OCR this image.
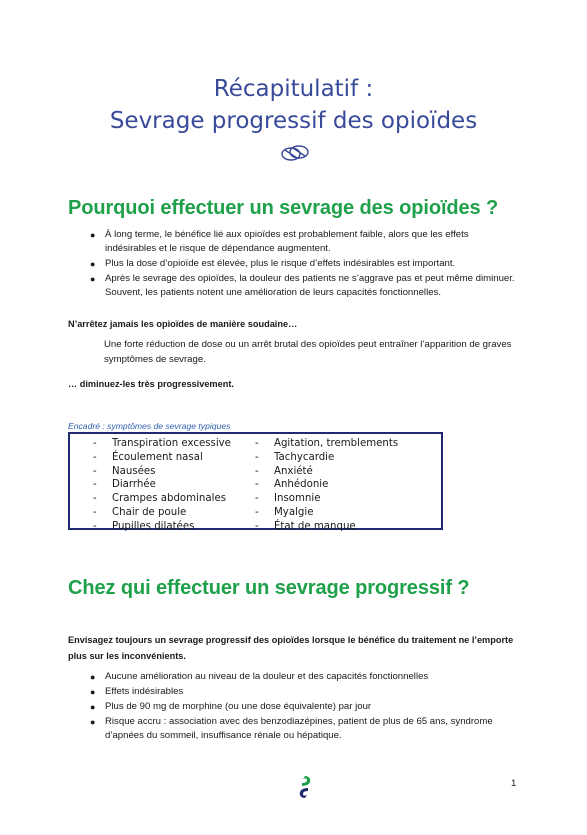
Récapitulatif :
Sevrage progressif des opioïdes
Pourquoi effectuer un sevrage des opioïdes ?
● À long terme, le bénéfice lié aux opioïdes est probablement faible, alors que les effets indésirables et le risque de dépendance augmentent.
● Plus la dose d’opioïde est élevée, plus le risque d’effets indésirables est important.
● Après le sevrage des opioïdes, la douleur des patients ne s’aggrave pas et peut même diminuer. Souvent, les patients notent une amélioration de leurs capacités fonctionnelles.

N’arrêtez jamais les opioïdes de manière soudaine…

Une forte réduction de dose ou un arrêt brutal des opioïdes peut entraîner l’apparition de graves symptômes de sevrage.

… diminuez-les très progressivement.

Encadré : symptômes de sevrage typiques
- Transpiration excessive
- Écoulement nasal
- Nausées
- Diarrhée
- Crampes abdominales
- Chair de poule
- Pupilles dilatées
- Agitation, tremblements
- Tachycardie
- Anxiété
- Anhédonie
- Insomnie
- Myalgie
- État de manque
Chez qui effectuer un sevrage progressif ?
Envisagez toujours un sevrage progressif des opioïdes lorsque le bénéfice du traitement ne l’emporte plus sur les inconvénients.
● Aucune amélioration au niveau de la douleur et des capacités fonctionnelles
● Effets indésirables
● Plus de 90 mg de morphine (ou une dose équivalente) par jour
● Risque accru : association avec des benzodiazépines, patient de plus de 65 ans, syndrome d’apnées du sommeil, insuffisance rénale ou hépatique.
1
